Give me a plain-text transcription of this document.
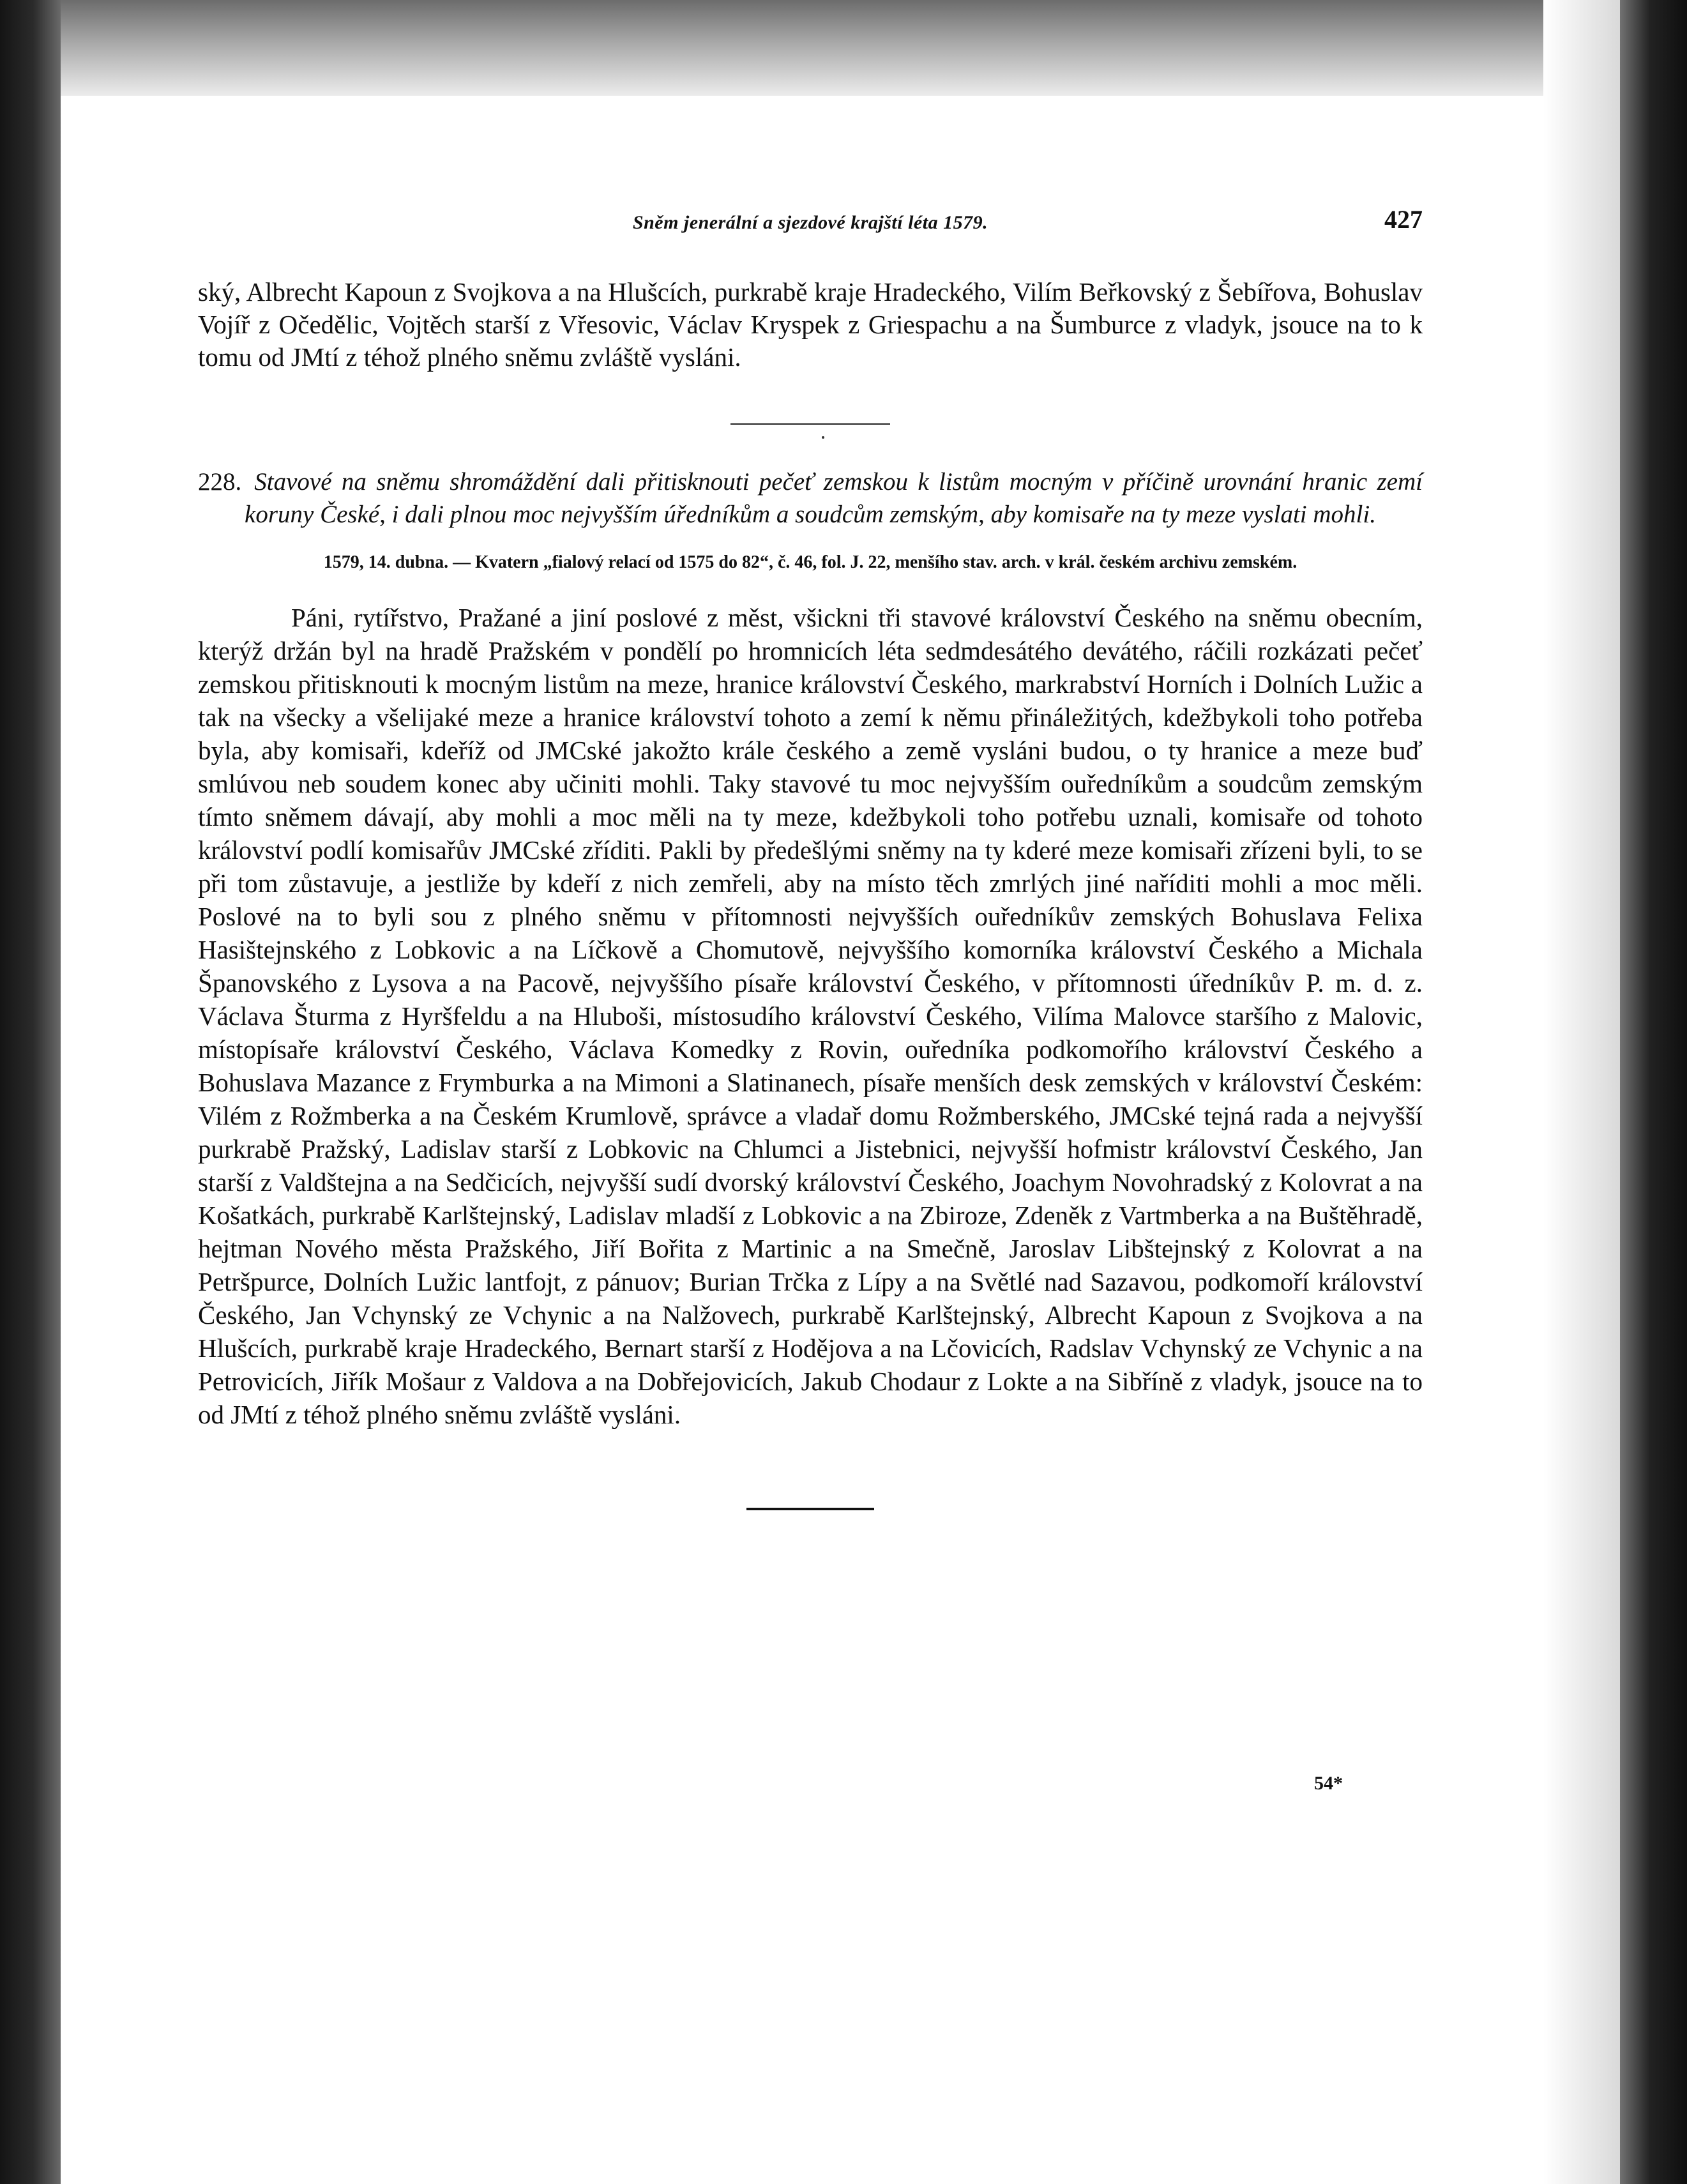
Sněm jenerální a sjezdové krajští léta 1579.	427

ský, Albrecht Kapoun z Svojkova a na Hlušcích, purkrabě kraje Hradeckého, Vilím Beřkovský z Šebířova, Bohuslav Vojíř z Očedělic, Vojtěch starší z Vřesovic, Václav Kryspek z Griespachu a na Šumburce z vladyk, jsouce na to k tomu od JMtí z téhož plného sněmu zvláště vysláni.

228. Stavové na sněmu shromáždění dali přitisknouti pečeť zemskou k listům mocným v příčině urovnání hranic zemí koruny České, i dali plnou moc nejvyšším úředníkům a soudcům zemským, aby komisaře na ty meze vyslati mohli.

1579, 14. dubna. — Kvatern „fialový relací od 1575 do 82“, č. 46, fol. J. 22, menšího stav. arch. v král. českém archivu zemském.

Páni, rytířstvo, Pražané a jiní poslové z měst, všickni tři stavové království Českého na sněmu obecním, kterýž držán byl na hradě Pražském v pondělí po hromnicích léta sedmdesátého devátého, ráčili rozkázati pečeť zemskou přitisknouti k mocným listům na meze, hranice království Českého, markrabství Horních i Dolních Lužic a tak na všecky a všelijaké meze a hranice království tohoto a zemí k němu přináležitých, kdežbykoli toho potřeba byla, aby komisaři, kdeříž od JMCské jakožto krále českého a země vysláni budou, o ty hranice a meze buď smlúvou neb soudem konec aby učiniti mohli. Taky stavové tu moc nejvyšším ouředníkům a soudcům zemským tímto sněmem dávají, aby mohli a moc měli na ty meze, kdežbykoli toho potřebu uznali, komisaře od tohoto království podlí komisařův JMCské zříditi. Pakli by předešlými sněmy na ty kderé meze komisaři zřízeni byli, to se při tom zůstavuje, a jestliže by kdeří z nich zemřeli, aby na místo těch zmrlých jiné naříditi mohli a moc měli. Poslové na to byli sou z plného sněmu v přítomnosti nejvyšších ouředníkův zemských Bohuslava Felixa Hasištejnského z Lobkovic a na Líčkově a Chomutově, nejvyššího komorníka království Českého a Michala Španovského z Lysova a na Pacově, nejvyššího písaře království Českého, v přítomnosti úředníkův P. m. d. z. Václava Šturma z Hyršfeldu a na Hluboši, místosudího království Českého, Vilíma Malovce staršího z Malovic, místopísaře království Českého, Václava Komedky z Rovin, ouředníka podkomořího království Českého a Bohuslava Mazance z Frymburka a na Mimoni a Slatinanech, písaře menších desk zemských v království Českém: Vilém z Rožmberka a na Českém Krumlově, správce a vladař domu Rožmberského, JMCské tejná rada a nejvyšší purkrabě Pražský, Ladislav starší z Lobkovic na Chlumci a Jistebnici, nejvyšší hofmistr království Českého, Jan starší z Valdštejna a na Sedčicích, nejvyšší sudí dvorský království Českého, Joachym Novohradský z Kolovrat a na Košatkách, purkrabě Karlštejnský, Ladislav mladší z Lobkovic a na Zbiroze, Zdeněk z Vartmberka a na Buštěhradě, hejtman Nového města Pražského, Jiří Bořita z Martinic a na Smečně, Jaroslav Libštejnský z Kolovrat a na Petršpurce, Dolních Lužic lantfojt, z pánuov; Burian Trčka z Lípy a na Světlé nad Sazavou, podkomoří království Českého, Jan Vchynský ze Vchynic a na Nalžovech, purkrabě Karlštejnský, Albrecht Kapoun z Svojkova a na Hlušcích, purkrabě kraje Hradeckého, Bernart starší z Hodějova a na Lčovicích, Radslav Vchynský ze Vchynic a na Petrovicích, Jiřík Mošaur z Valdova a na Dobřejovicích, Jakub Chodaur z Lokte a na Sibříně z vladyk, jsouce na to od JMtí z téhož plného sněmu zvláště vysláni.

54*
